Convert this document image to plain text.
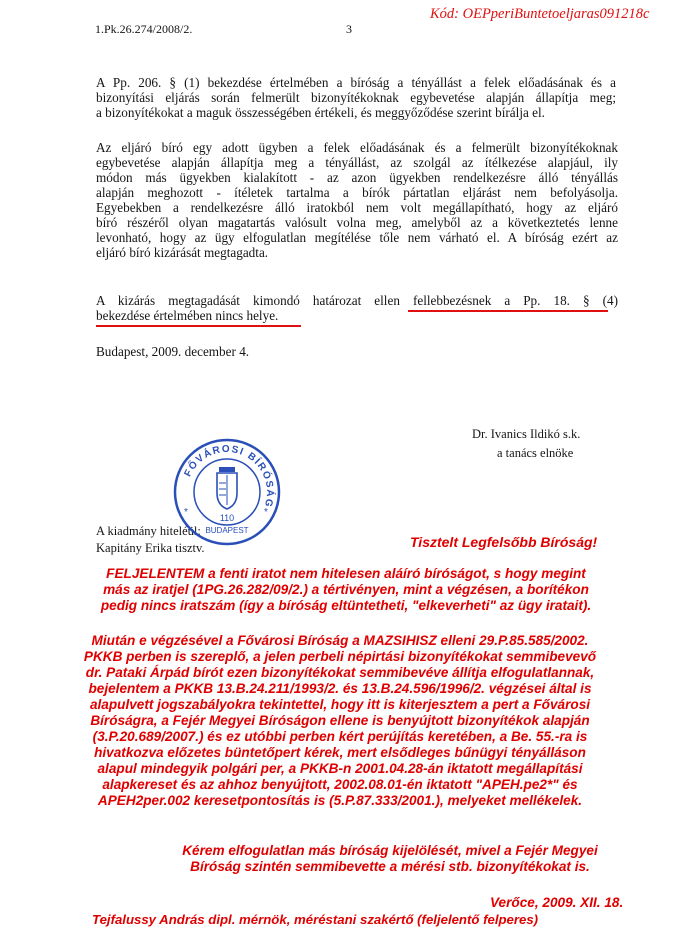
1.Pk.26.274/2008/2.	3
Kód: OEPperiBuntetoeljaras091218c
A Pp. 206. § (1) bekezdése értelmében a bíróság a tényállást a felek előadásának és a
bizonyítási eljárás során felmerült bizonyítékoknak egybevetése alapján állapítja meg;
a bizonyítékokat a maguk összességében értékeli, és meggyőződése szerint bírálja el.
Az eljáró bíró egy adott ügyben a felek előadásának és a felmerült bizonyítékoknak
egybevetése alapján állapítja meg a tényállást, az szolgál az ítélkezése alapjául, ily
módon más ügyekben kialakított - az azon ügyekben rendelkezésre álló tényállás
alapján meghozott - ítéletek tartalma a bírók pártatlan eljárást nem befolyásolja.
Egyebekben a rendelkezésre álló iratokból nem volt megállapítható, hogy az eljáró
bíró részéről olyan magatartás valósult volna meg, amelyből az a következtetés lenne
levonható, hogy az ügy elfogulatlan megítélése tőle nem várható el. A bíróság ezért az
eljáró bíró kizárását megtagadta.
A kizárás megtagadását kimondó határozat ellen fellebbezésnek a Pp. 18. § (4)
bekezdése értelmében nincs helye.
Budapest, 2009. december 4.
Dr. Ivanics Ildikó s.k.
a tanács elnöke
A kiadmány hiteléül:
Kapitány Erika tisztv.
FŐVÁROSI BÍRÓSÁG
110
BUDAPEST
*	*
Tisztelt Legfelsőbb Bíróság!
FELJELENTEM a fenti iratot nem hitelesen aláíró bíróságot, s hogy megint
más az iratjel (1PG.26.282/09/2.) a tértivényen, mint a végzésen, a borítékon
pedig nincs iratszám (így a bíróság eltüntetheti, "elkeverheti" az ügy iratait).
Miután e végzésével a Fővárosi Bíróság a MAZSIHISZ elleni 29.P.85.585/2002.
PKKB perben is szereplő, a jelen perbeli népirtási bizonyítékokat semmibevevő
dr. Pataki Árpád bírót ezen bizonyítékokat semmibevéve állítja elfogulatlannak,
bejelentem a PKKB 13.B.24.211/1993/2. és 13.B.24.596/1996/2. végzései által is
alapulvett jogszabályokra tekintettel, hogy itt is kiterjesztem a pert a Fővárosi
Bíróságra, a Fejér Megyei Bíróságon ellene is benyújtott bizonyítékok alapján
(3.P.20.689/2007.) és ez utóbbi perben kért perújítás keretében, a Be. 55.-ra is
hivatkozva előzetes büntetőpert kérek, mert elsődleges bűnügyi tényálláson
alapul mindegyik polgári per, a PKKB-n 2001.04.28-án iktatott megállapítási
alapkereset és az ahhoz benyújtott, 2002.08.01-én iktatott "APEH.pe2*" és
APEH2per.002 keresetpontosítás is (5.P.87.333/2001.), melyeket mellékelek.
Kérem elfogulatlan más bíróság kijelölését, mivel a Fejér Megyei
Bíróság szintén semmibevette a mérési stb. bizonyítékokat is.
Verőce, 2009. XII. 18.
Tejfalussy András dipl. mérnök, méréstani szakértő (feljelentő felperes)
